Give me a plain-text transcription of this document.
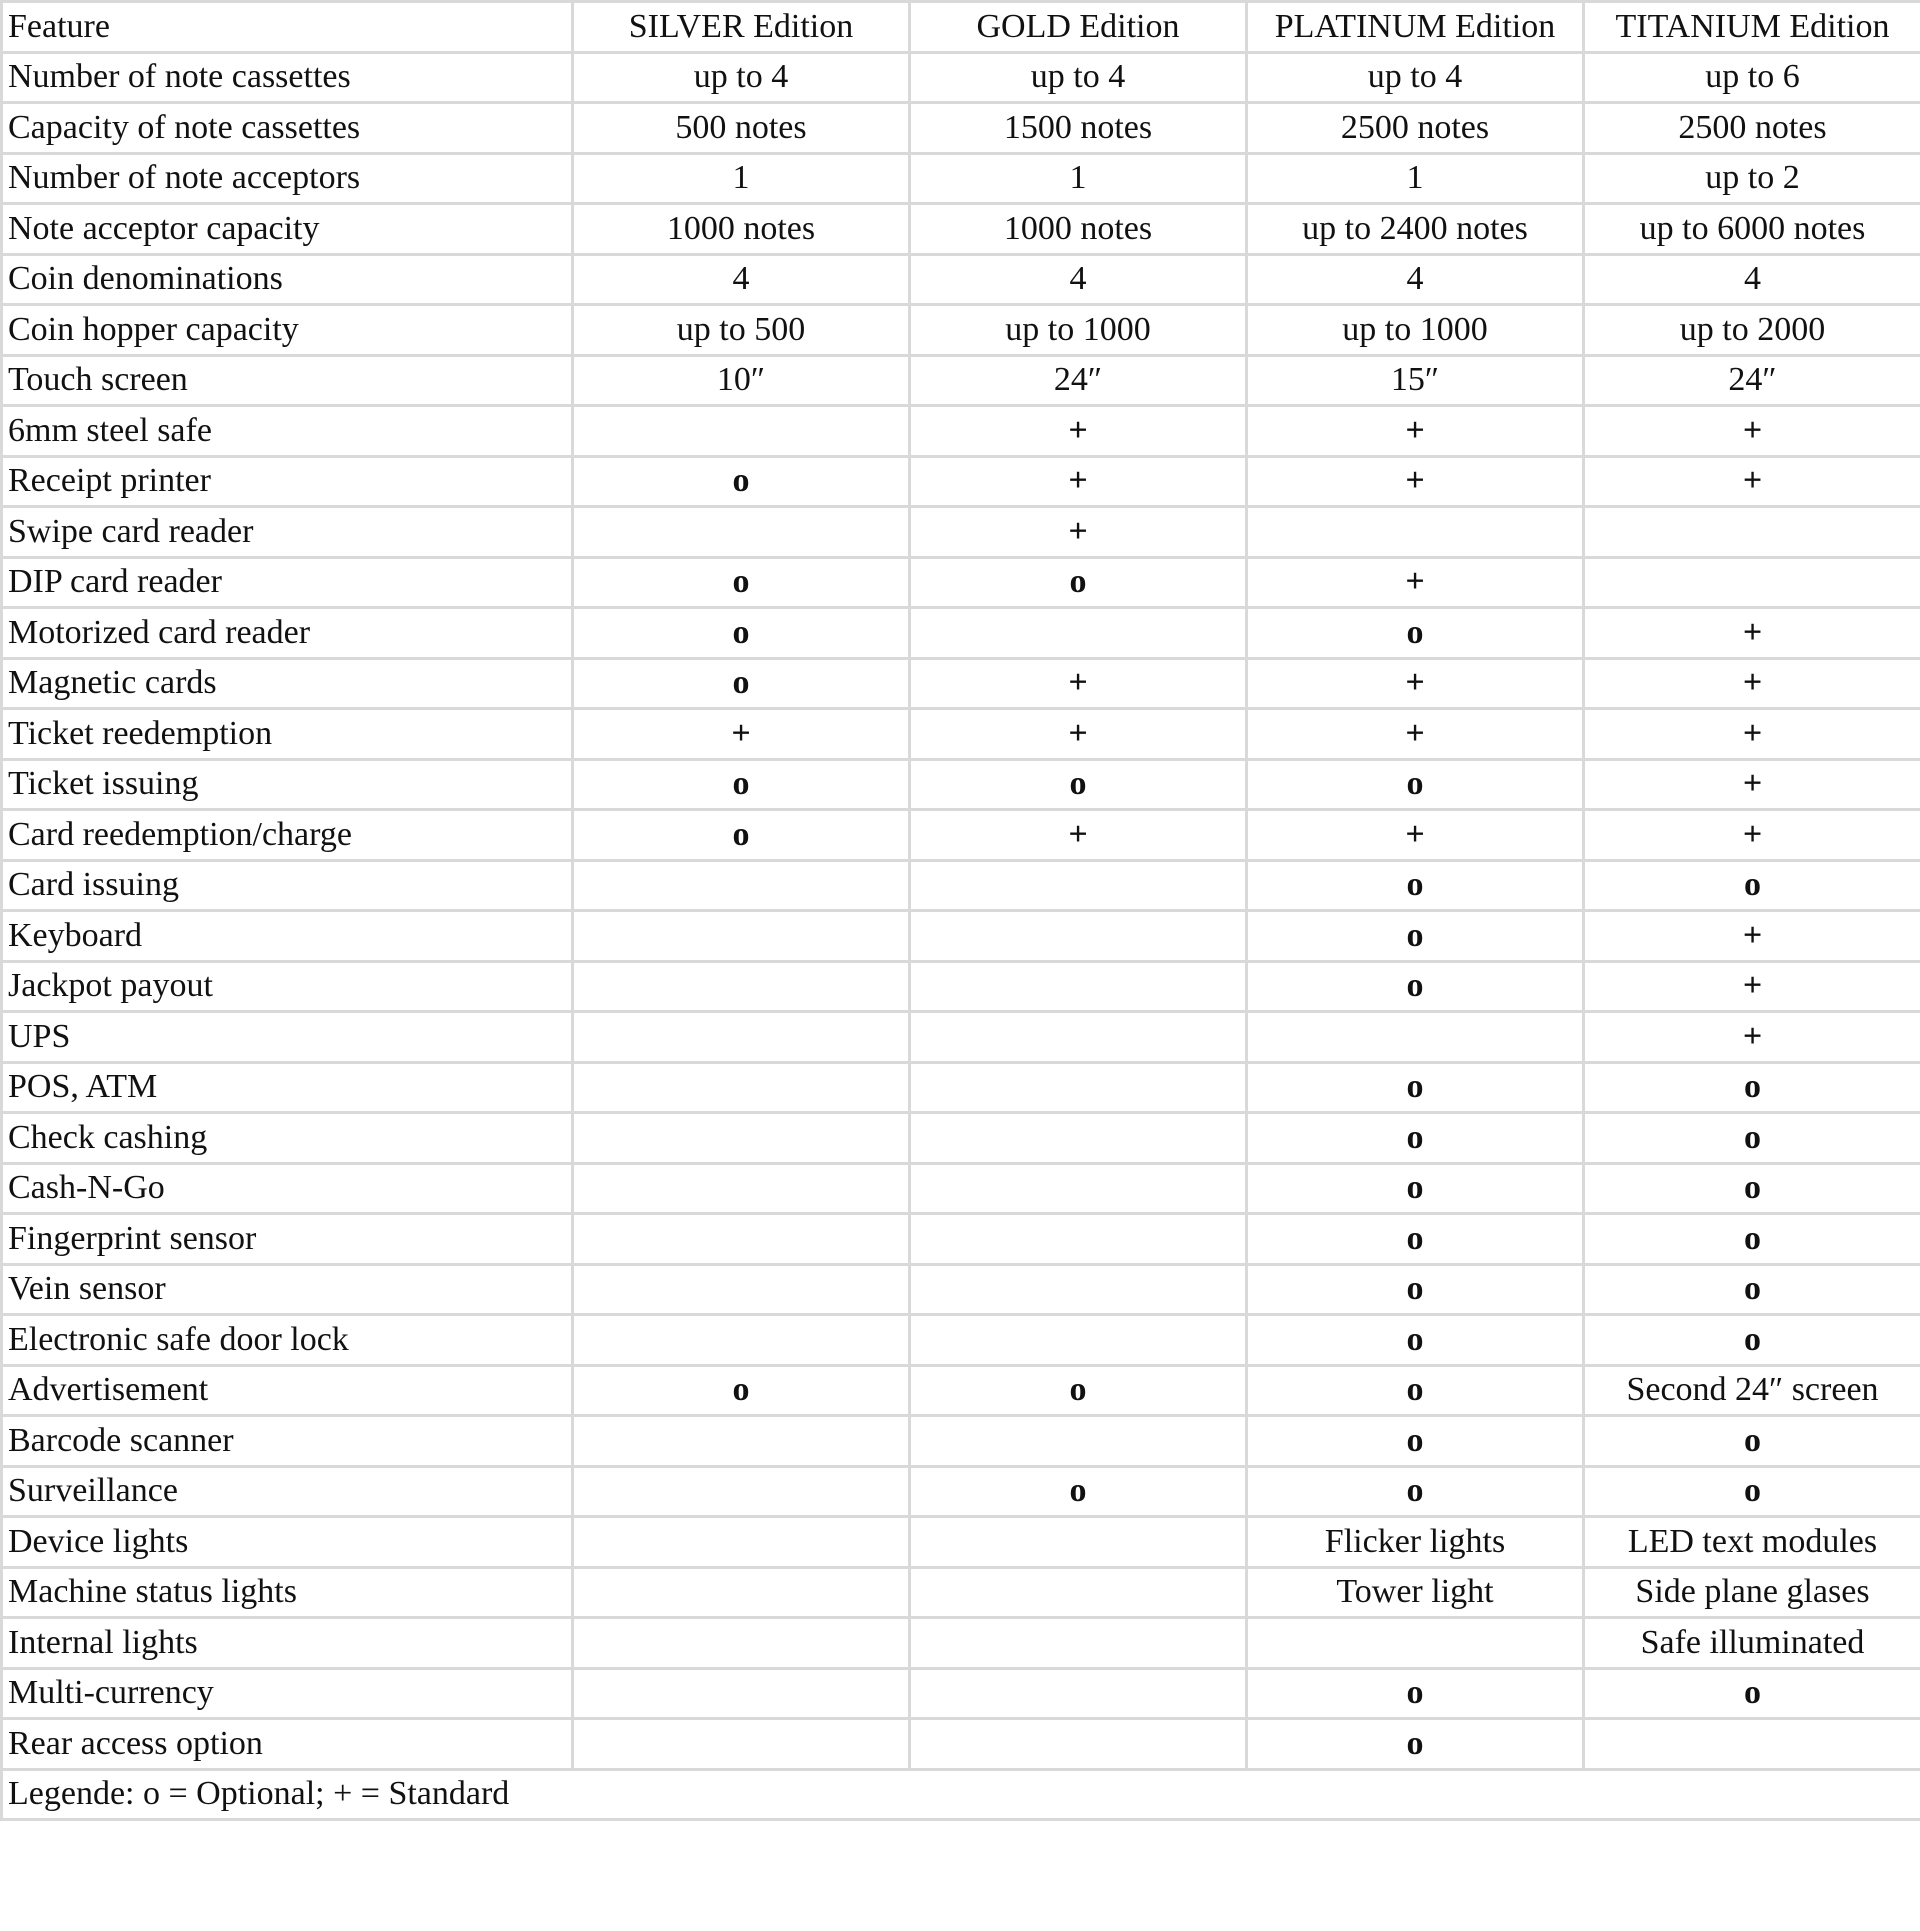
Feature	SILVER Edition	GOLD Edition	PLATINUM Edition	TITANIUM Edition
Number of note cassettes	up to 4	up to 4	up to 4	up to 6
Capacity of note cassettes	500 notes	1500 notes	2500 notes	2500 notes
Number of note acceptors	1	1	1	up to 2
Note acceptor capacity	1000 notes	1000 notes	up to 2400 notes	up to 6000 notes
Coin denominations	4	4	4	4
Coin hopper capacity	up to 500	up to 1000	up to 1000	up to 2000
Touch screen	10″	24″	15″	24″
6mm steel safe		+	+	+
Receipt printer	o	+	+	+
Swipe card reader		+		
DIP card reader	o	o	+	
Motorized card reader	o		o	+
Magnetic cards	o	+	+	+
Ticket reedemption	+	+	+	+
Ticket issuing	o	o	o	+
Card reedemption/charge	o	+	+	+
Card issuing			o	o
Keyboard			o	+
Jackpot payout			o	+
UPS				+
POS, ATM			o	o
Check cashing			o	o
Cash-N-Go			o	o
Fingerprint sensor			o	o
Vein sensor			o	o
Electronic safe door lock			o	o
Advertisement	o	o	o	Second 24″ screen
Barcode scanner			o	o
Surveillance		o	o	o
Device lights			Flicker lights	LED text modules
Machine status lights			Tower light	Side plane glases
Internal lights				Safe illuminated
Multi-currency			o	o
Rear access option			o	
Legende: o = Optional; + = Standard				
